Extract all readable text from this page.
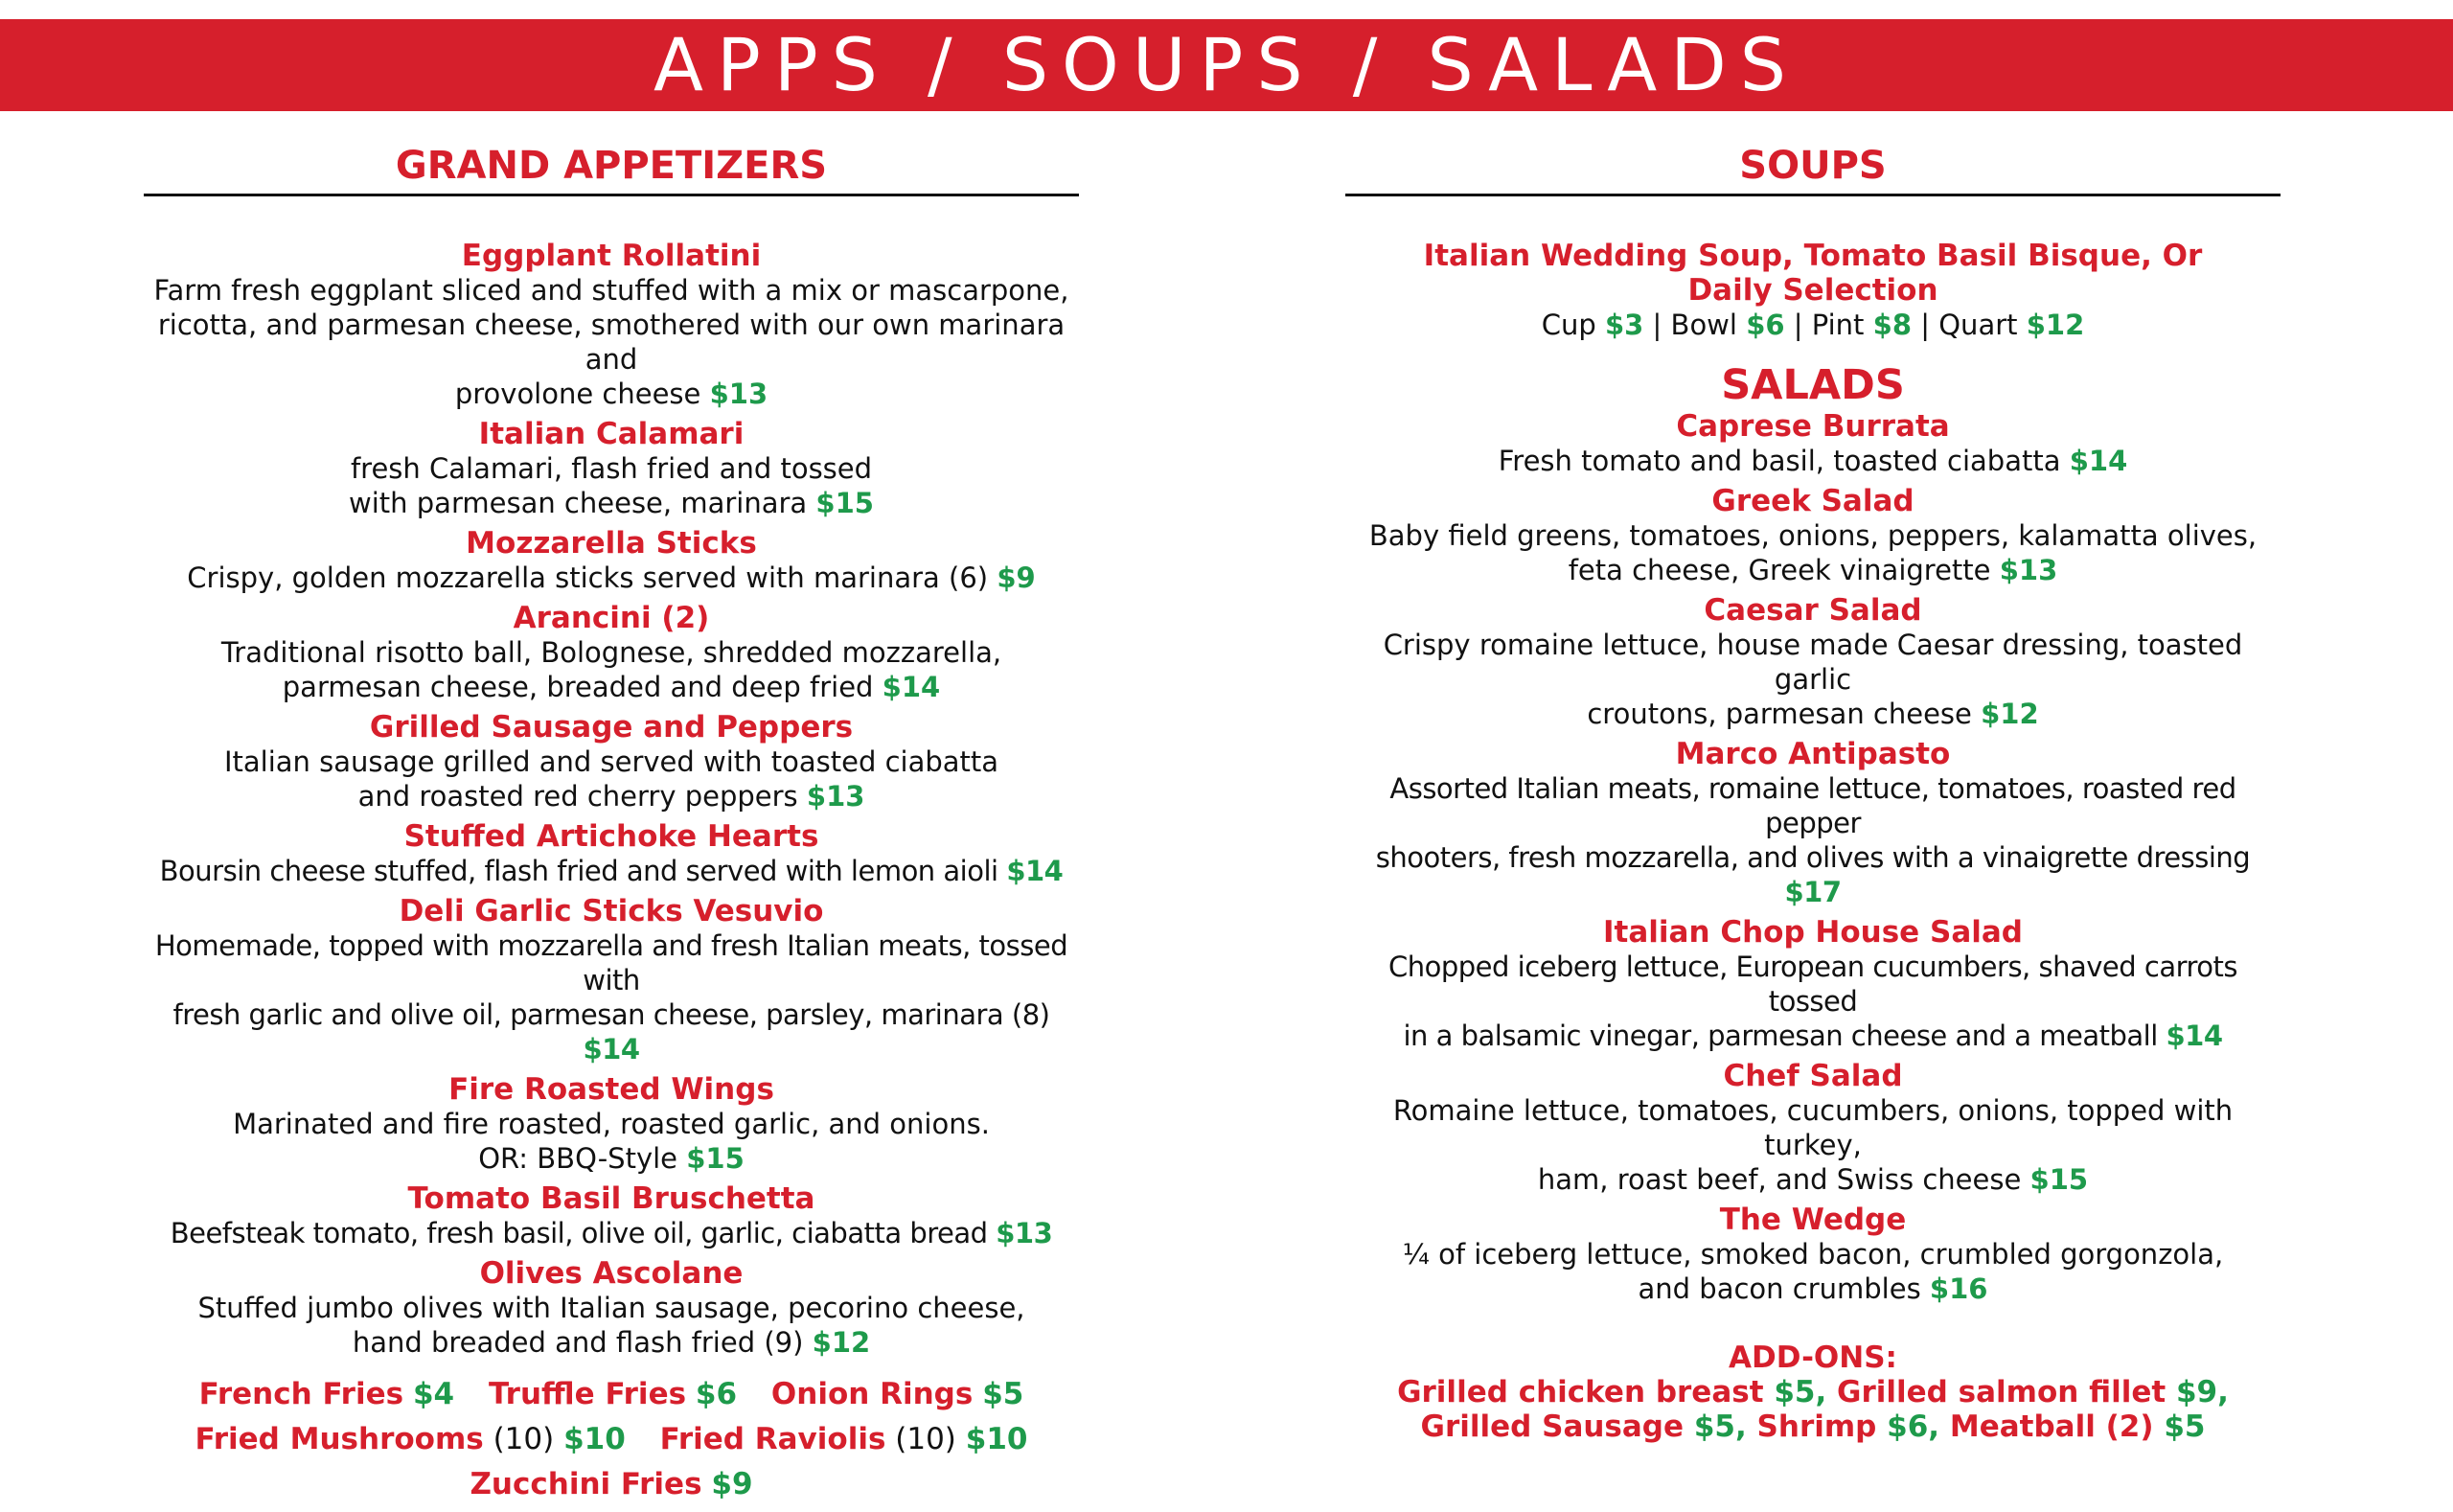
APPS / SOUPS / SALADS
GRAND APPETIZERS
Eggplant Rollatini
Farm fresh eggplant sliced and stuffed with a mix or mascarpone,
ricotta, and parmesan cheese, smothered with our own marinara and
provolone cheese $13
Italian Calamari
fresh Calamari, flash fried and tossed
with parmesan cheese, marinara $15
Mozzarella Sticks
Crispy, golden mozzarella sticks served with marinara (6) $9
Arancini (2)
Traditional risotto ball, Bolognese, shredded mozzarella,
parmesan cheese, breaded and deep fried $14
Grilled Sausage and Peppers
Italian sausage grilled and served with toasted ciabatta
and roasted red cherry peppers $13
Stuffed Artichoke Hearts
Boursin cheese stuffed, flash fried and served with lemon aioli $14
Deli Garlic Sticks Vesuvio
Homemade, topped with mozzarella and fresh Italian meats, tossed with
fresh garlic and olive oil, parmesan cheese, parsley, marinara (8) $14
Fire Roasted Wings
Marinated and fire roasted, roasted garlic, and onions.
OR: BBQ-Style $15
Tomato Basil Bruschetta
Beefsteak tomato, fresh basil, olive oil, garlic, ciabatta bread $13
Olives Ascolane
Stuffed jumbo olives with Italian sausage, pecorino cheese,
hand breaded and flash fried (9) $12
French Fries $4 Truffle Fries $6 Onion Rings $5
Fried Mushrooms (10) $10 Fried Raviolis (10) $10
Zucchini Fries $9
SOUPS
Italian Wedding Soup, Tomato Basil Bisque, Or Daily Selection
Cup $3 | Bowl $6 | Pint $8 | Quart $12
SALADS
Caprese Burrata
Fresh tomato and basil, toasted ciabatta $14
Greek Salad
Baby field greens, tomatoes, onions, peppers, kalamatta olives,
feta cheese, Greek vinaigrette $13
Caesar Salad
Crispy romaine lettuce, house made Caesar dressing, toasted garlic
croutons, parmesan cheese $12
Marco Antipasto
Assorted Italian meats, romaine lettuce, tomatoes, roasted red pepper
shooters, fresh mozzarella, and olives with a vinaigrette dressing $17
Italian Chop House Salad
Chopped iceberg lettuce, European cucumbers, shaved carrots tossed
in a balsamic vinegar, parmesan cheese and a meatball $14
Chef Salad
Romaine lettuce, tomatoes, cucumbers, onions, topped with turkey,
ham, roast beef, and Swiss cheese $15
The Wedge
¼ of iceberg lettuce, smoked bacon, crumbled gorgonzola,
and bacon crumbles $16
ADD-ONS:
Grilled chicken breast $5, Grilled salmon fillet $9,
Grilled Sausage $5, Shrimp $6, Meatball (2) $5
